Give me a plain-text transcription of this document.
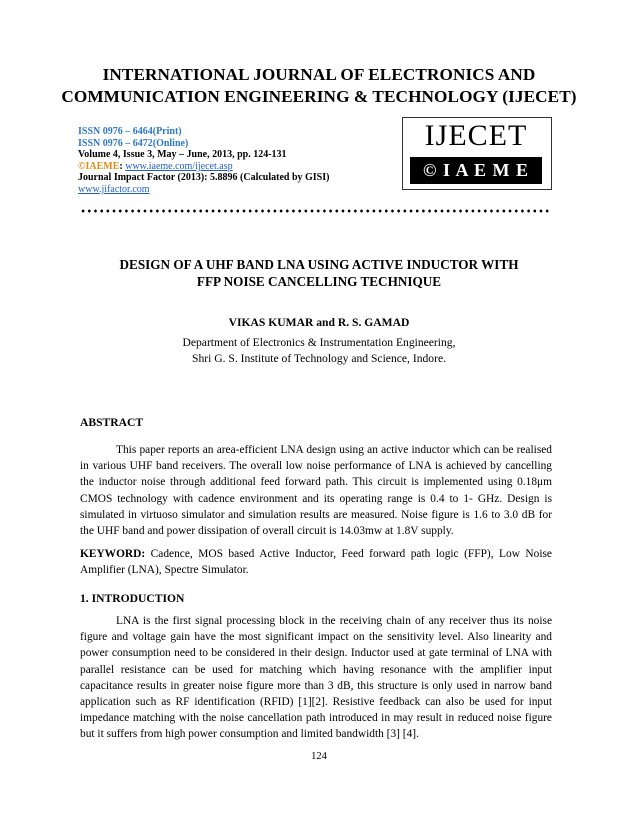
INTERNATIONAL JOURNAL OF ELECTRONICS AND
COMMUNICATION ENGINEERING & TECHNOLOGY (IJECET)
ISSN 0976 – 6464(Print)
ISSN 0976 – 6472(Online)
Volume 4, Issue 3, May – June, 2013, pp. 124-131
©IAEME: www.iaeme.com/ijecet.asp
Journal Impact Factor (2013): 5.8896 (Calculated by GISI)
www.jifactor.com
IJECET
© I A E M E
DESIGN OF A UHF BAND LNA USING ACTIVE INDUCTOR WITH
FFP NOISE CANCELLING TECHNIQUE
VIKAS KUMAR and R. S. GAMAD
Department of Electronics & Instrumentation Engineering,
Shri G. S. Institute of Technology and Science, Indore.
ABSTRACT
This paper reports an area-efficient LNA design using an active inductor which can be realised in various UHF band receivers. The overall low noise performance of LNA is achieved by cancelling the inductor noise through additional feed forward path. This circuit is implemented using 0.18μm CMOS technology with cadence environment and its operating range is 0.4 to 1- GHz. Design is simulated in virtuoso simulator and simulation results are measured. Noise figure is 1.6 to 3.0 dB for the UHF band and power dissipation of overall circuit is 14.03mw at 1.8V supply.
KEYWORD: Cadence, MOS based Active Inductor, Feed forward path logic (FFP), Low Noise Amplifier (LNA), Spectre Simulator.
1. INTRODUCTION
LNA is the first signal processing block in the receiving chain of any receiver thus its noise figure and voltage gain have the most significant impact on the sensitivity level. Also linearity and power consumption need to be considered in their design. Inductor used at gate terminal of LNA with parallel resistance can be used for matching which having resonance with the amplifier input capacitance results in greater noise figure more than 3 dB, this structure is only used in narrow band application such as RF identification (RFID) [1][2]. Resistive feedback can also be used for input impedance matching with the noise cancellation path introduced in may result in reduced noise figure but it suffers from high power consumption and limited bandwidth [3] [4].
124
